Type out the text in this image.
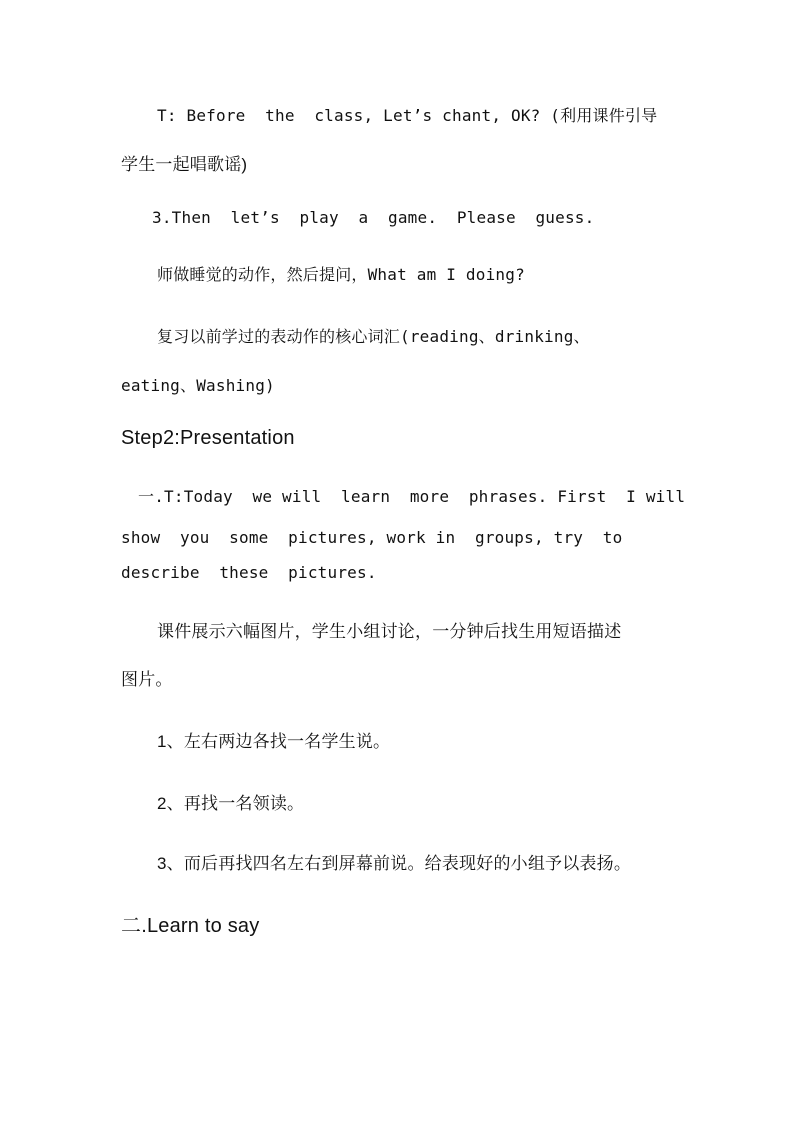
T: Before  the  class, Let’s chant, OK? (利用课件引导
学生一起唱歌谣)
3.Then  let’s  play  a  game.  Please  guess.
师做睡觉的动作，然后提问，What am I doing?
复习以前学过的表动作的核心词汇(reading、drinking、
eating、Washing)
Step2:Presentation
一.T:Today  we will  learn  more  phrases. First  I will
show  you  some  pictures, work in  groups, try  to
describe  these  pictures.
课件展示六幅图片，学生小组讨论，一分钟后找生用短语描述
图片。
1、左右两边各找一名学生说。
2、再找一名领读。
3、而后再找四名左右到屏幕前说。给表现好的小组予以表扬。
二.Learn to say
